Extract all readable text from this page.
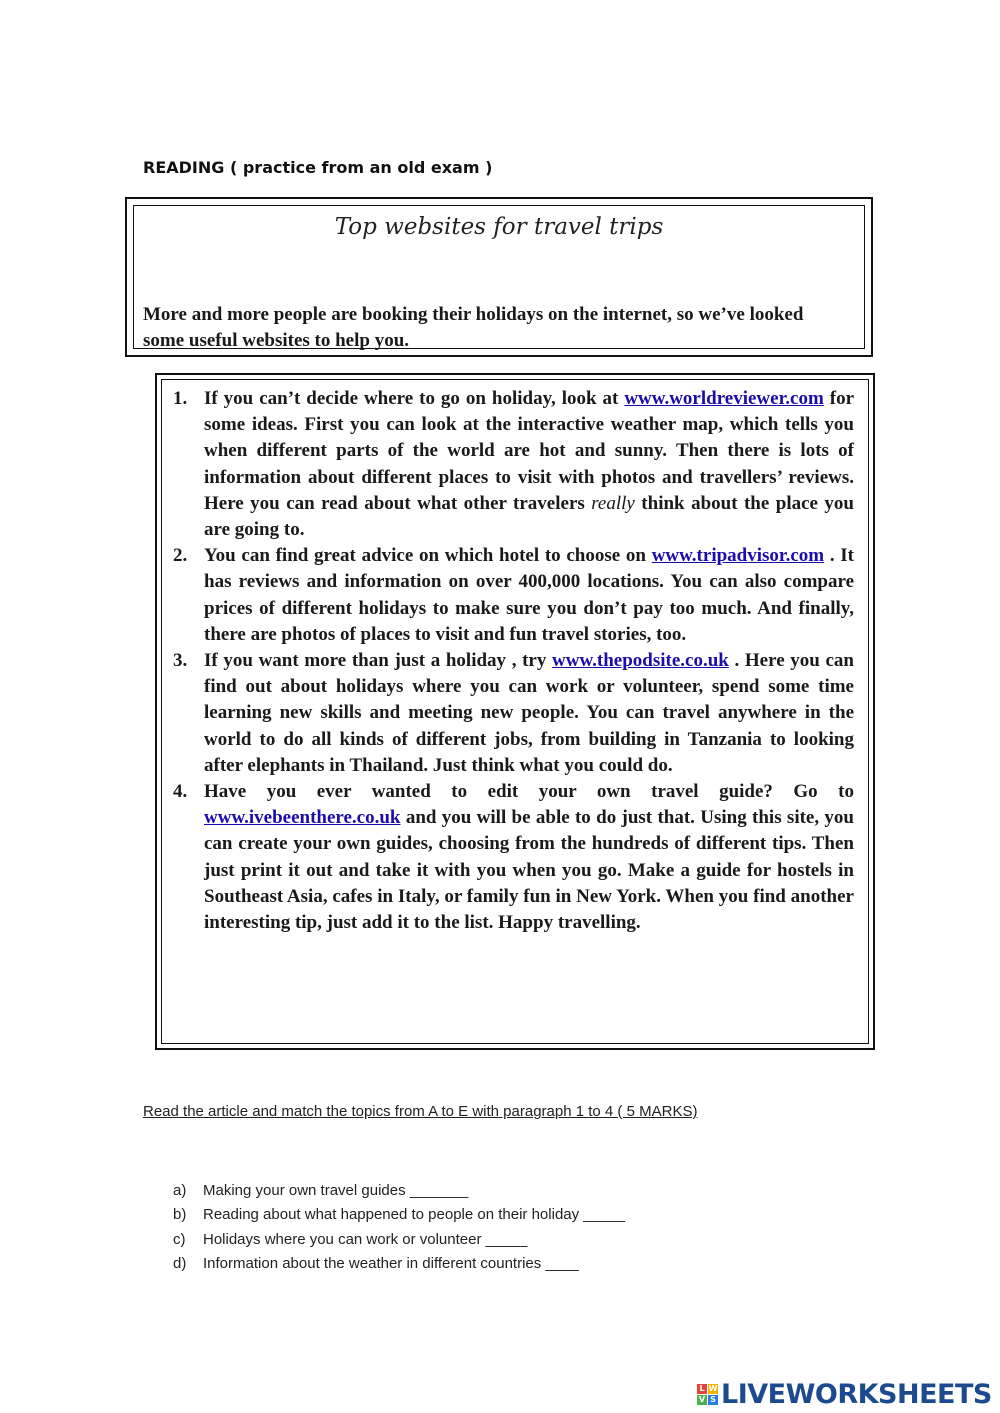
READING ( practice from an old exam )
Top websites for travel trips
More and more people are booking their holidays on the internet, so we’ve looked some useful websites to help you.
1. If you can’t decide where to go on holiday, look at www.worldreviewer.com for some ideas. First you can look at the interactive weather map, which tells you when different parts of the world are hot and sunny. Then there is lots of information about different places to visit with photos and travellers’ reviews. Here you can read about what other travelers really think about the place you are going to.
2. You can find great advice on which hotel to choose on www.tripadvisor.com . It has reviews and information on over 400,000 locations. You can also compare prices of different holidays to make sure you don’t pay too much. And finally, there are photos of places to visit and fun travel stories, too.
3. If you want more than just a holiday , try www.thepodsite.co.uk . Here you can find out about holidays where you can work or volunteer, spend some time learning new skills and meeting new people. You can travel anywhere in the world to do all kinds of different jobs, from building in Tanzania to looking after elephants in Thailand. Just think what you could do.
4. Have you ever wanted to edit your own travel guide? Go to www.ivebeenthere.co.uk and you will be able to do just that. Using this site, you can create your own guides, choosing from the hundreds of different tips. Then just print it out and take it with you when you go. Make a guide for hostels in Southeast Asia, cafes in Italy, or family fun in New York. When you find another interesting tip, just add it to the list. Happy travelling.
Read the article and match the topics from A to E with paragraph 1 to 4 ( 5 MARKS)
a) Making your own travel guides _______
b) Reading about what happened to people on their holiday _____
c) Holidays where you can work or volunteer _____
d) Information about the weather in different countries ____
L W
V S LIVEWORKSHEETS
